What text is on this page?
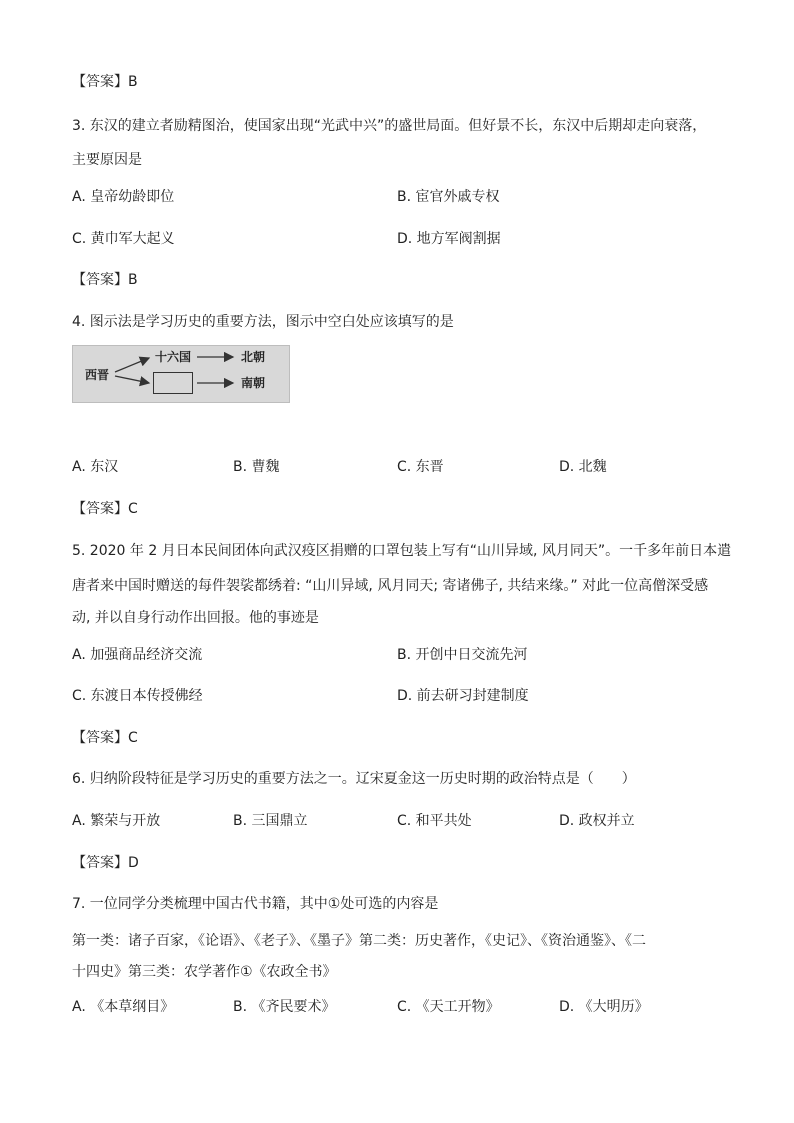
【答案】B
3. 东汉的建立者励精图治，使国家出现“光武中兴”的盛世局面。但好景不长，东汉中后期却走向衰落，
主要原因是
A. 皇帝幼龄即位	B. 宦官外戚专权
C. 黄巾军大起义	D. 地方军阀割据
【答案】B
4. 图示法是学习历史的重要方法，图示中空白处应该填写的是
西晋
十六国	北朝
南朝
A. 东汉	B. 曹魏	C. 东晋	D. 北魏
【答案】C
5. 2020 年 2 月日本民间团体向武汉疫区捐赠的口罩包装上写有“山川异域, 风月同天”。一千多年前日本遣
唐者来中国时赠送的每件袈裟都绣着: “山川异域, 风月同天; 寄诸佛子, 共结来缘。” 对此一位高僧深受感
动, 并以自身行动作出回报。他的事迹是
A. 加强商品经济交流	B. 开创中日交流先河
C. 东渡日本传授佛经	D. 前去研习封建制度
【答案】C
6. 归纳阶段特征是学习历史的重要方法之一。辽宋夏金这一历史时期的政治特点是（　　）
A. 繁荣与开放	B. 三国鼎立	C. 和平共处	D. 政权并立
【答案】D
7. 一位同学分类梳理中国古代书籍，其中①处可选的内容是
第一类：诸子百家，《论语》、《老子》、《墨子》第二类：历史著作，《史记》、《资治通鉴》、《二
十四史》第三类：农学著作①《农政全书》
A. 《本草纲目》	B. 《齐民要术》	C. 《天工开物》	D. 《大明历》
